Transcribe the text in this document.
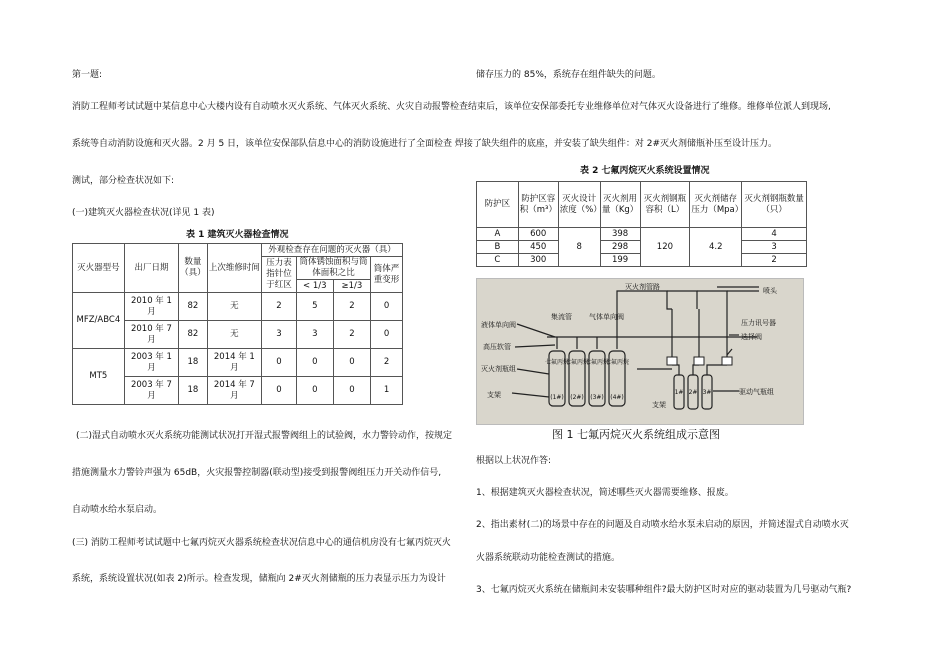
第一题:
消防工程师考试试题中某信息中心大楼内设有自动喷水灭火系统、气体灭火系统、火灾自动报警检查结束后，该单位安保部委托专业维修单位对气体灭火设备进行了维修。维修单位派人到现场,
系统等自动消防设施和灭火器。2 月 5 日，该单位安保部队信息中心的消防设施进行了全面检查 焊接了缺失组件的底座，并安装了缺失组件：对 2#灭火剂储瓶补压至设计压力。
测试，部分检查状况如下:
(一)建筑灭火器检查状况(详见 1 表)
表 1 建筑灭火器检查情况
灭火器型号	出厂日期	数量（具）	上次维修时间	外观检查存在问题的灭火器（具）			
				压力表指针位于红区	筒体锈蚀面积与筒体面积之比		筒体严重变形
					< 1/3	≥1/3	
MFZ/ABC4	2010 年 1 月	82	无	2	5	2	0
	2010 年 7 月	82	无	3	3	2	0
MT5	2003 年 1 月	18	2014 年 1 月	0	0	0	2
	2003 年 7 月	18	2014 年 7 月	0	0	0	1
(二)湿式自动喷水灭火系统功能测试状况打开湿式报警阀组上的试验阀，水力警铃动作，按规定
措施测量水力警铃声强为 65dB，火灾报警控制器(联动型)接受到报警阀组压力开关动作信号,
自动喷水给水泵启动。
(三) 消防工程师考试试题中七氟丙烷灭火器系统检查状况信息中心的通信机房没有七氟丙烷灭火
系统，系统设置状况(如表 2)所示。检查发现，储瓶向 2#灭火剂储瓶的压力表显示压力为设计
储存压力的 85%，系统存在组件缺失的问题。
表 2 七氟丙烷灭火系统设置情况
防护区	防护区容积（m³）	灭火设计浓度（%）	灭火剂用量（Kg）	灭火剂钢瓶容积（L）	灭火剂储存压力（Mpa）	灭火剂钢瓶数量（只）
A	600	8	398	120	4.2	4
B	450		298			3
C	300		199			2
灭火剂管路	喷头
集流管 气体单向阀
液体单向阀
高压软管
灭火剂瓶组
支架
压力讯号器
选择阀
驱动气瓶组
支架
七氟丙烷
七氟丙烷
七氟丙烷
七氟丙烷
(1#) (2#) (3#) (4#)
1# 2# 3#
图 1 七氟丙烷灭火系统组成示意图
根据以上状况作答:
1、根据建筑灭火器检查状况，简述哪些灭火器需要维修、报废。
2、指出素材(二)的场景中存在的问题及自动喷水给水泵未启动的原因，并简述湿式自动喷水灭
火器系统联动功能检查测试的措施。
3、七氟丙烷灭火系统在储瓶间未安装哪种组件?最大防护区时对应的驱动装置为几号驱动气瓶?
